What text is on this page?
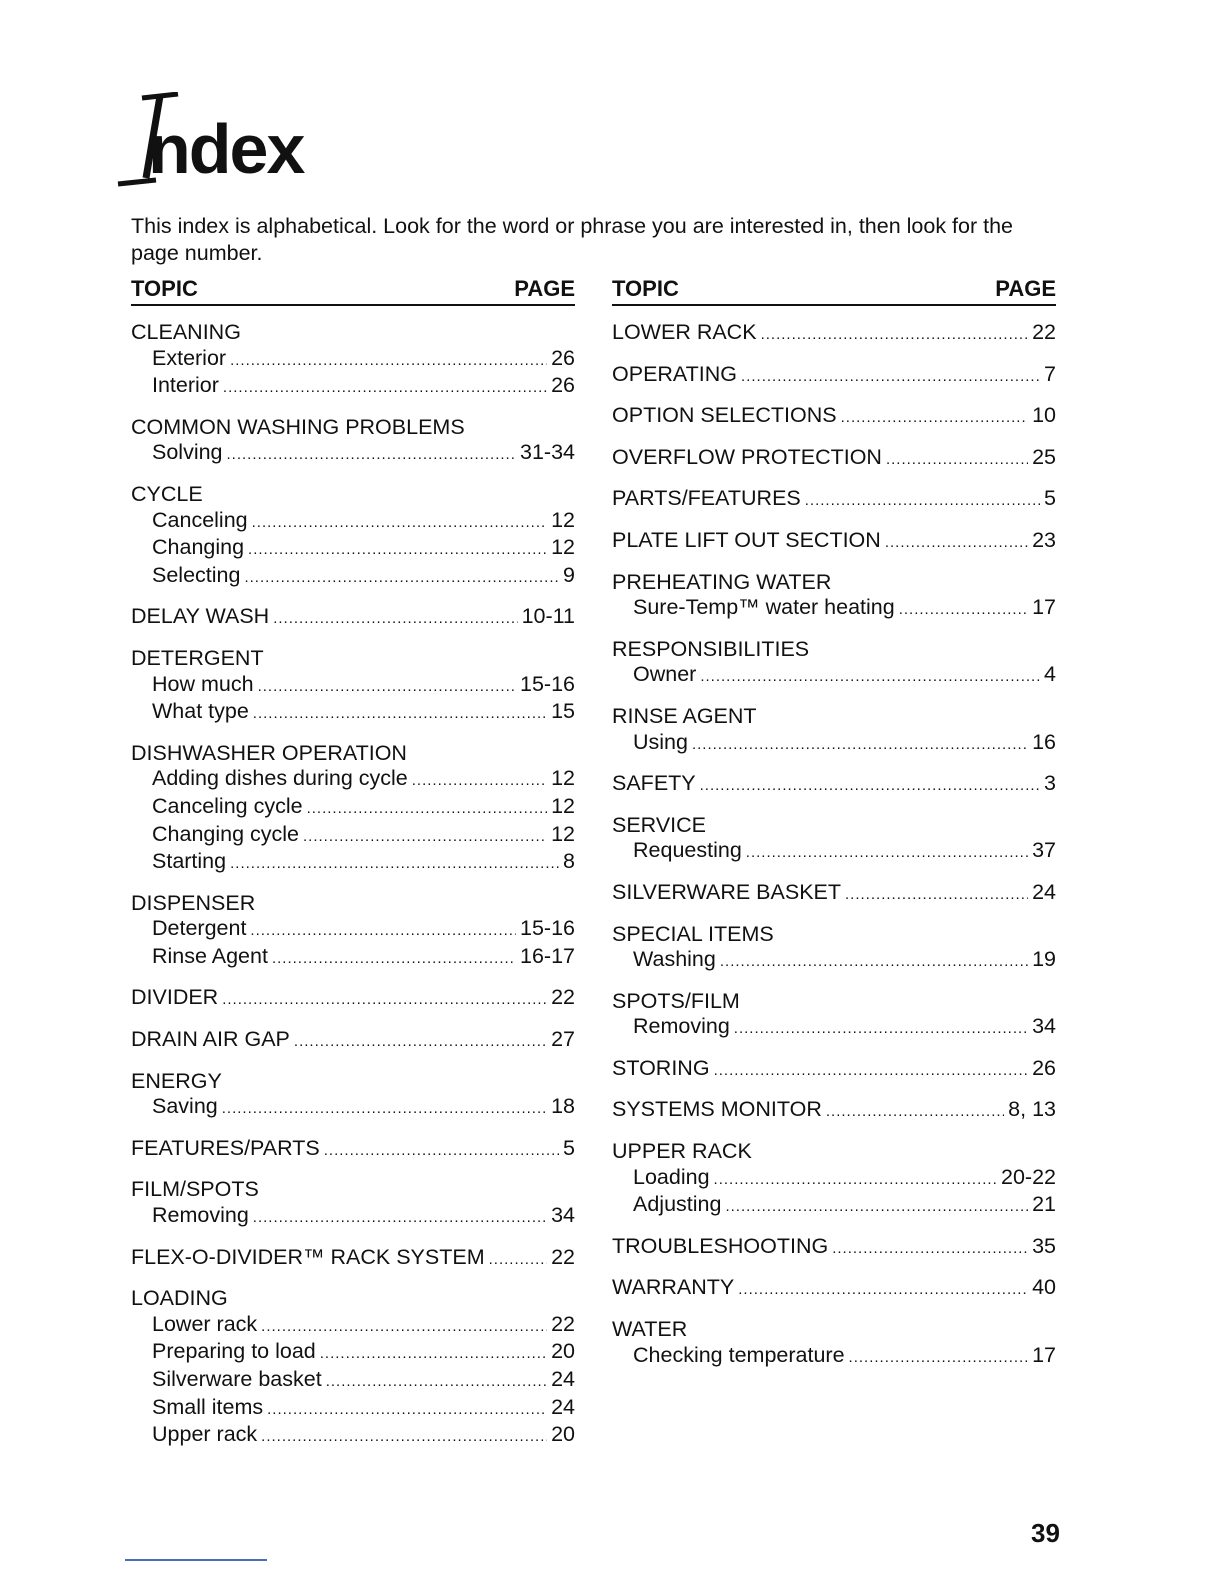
ndex
This index is alphabetical. Look for the word or phrase you are interested in, then look for the page number.
TOPIC	PAGE
CLEANING
Exterior .....	26
Interior .....	26
COMMON WASHING PROBLEMS
Solving .....	31-34
CYCLE
Canceling .....	12
Changing .....	12
Selecting .....	9
DELAY WASH .....	10-11
DETERGENT
How much .....	15-16
What type .....	15
DISHWASHER OPERATION
Adding dishes during cycle .....	12
Canceling cycle .....	12
Changing cycle .....	12
Starting .....	8
DISPENSER
Detergent .....	15-16
Rinse Agent .....	16-17
DIVIDER .....	22
DRAIN AIR GAP .....	27
ENERGY
Saving .....	18
FEATURES/PARTS .....	5
FILM/SPOTS
Removing .....	34
FLEX-O-DIVIDER™ RACK SYSTEM .....	22
LOADING
Lower rack .....	22
Preparing to load .....	20
Silverware basket .....	24
Small items .....	24
Upper rack .....	20
TOPIC	PAGE
LOWER RACK .....	22
OPERATING .....	7
OPTION SELECTIONS .....	10
OVERFLOW PROTECTION .....	25
PARTS/FEATURES .....	5
PLATE LIFT OUT SECTION .....	23
PREHEATING WATER
Sure-Temp™ water heating .....	17
RESPONSIBILITIES
Owner .....	4
RINSE AGENT
Using .....	16
SAFETY .....	3
SERVICE
Requesting .....	37
SILVERWARE BASKET .....	24
SPECIAL ITEMS
Washing .....	19
SPOTS/FILM
Removing .....	34
STORING .....	26
SYSTEMS MONITOR .....	8, 13
UPPER RACK
Loading .....	20-22
Adjusting .....	21
TROUBLESHOOTING .....	35
WARRANTY .....	40
WATER
Checking temperature .....	17
39
